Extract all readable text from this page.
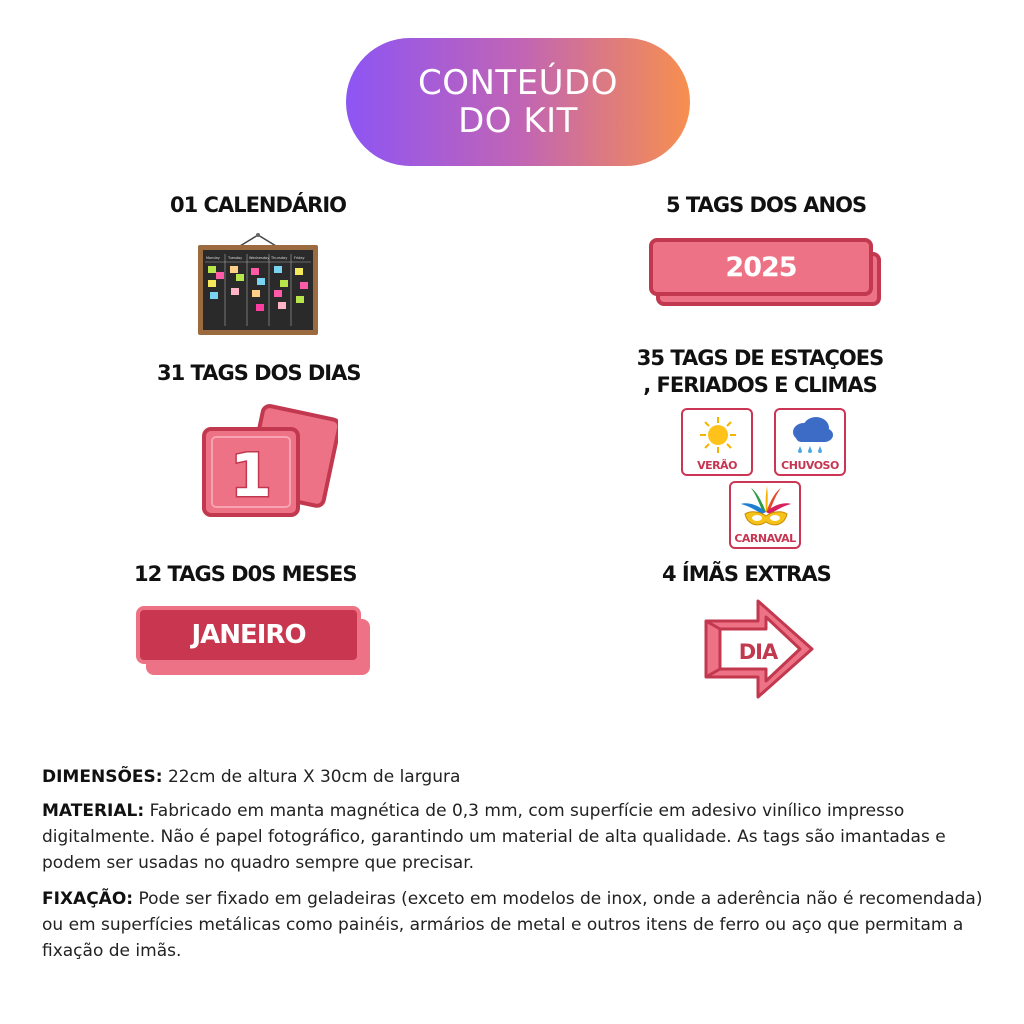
CONTEÚDO
DO KIT
01 CALENDÁRIO
Monday Tuesday Wednesday Thursday Friday
5 TAGS DOS ANOS
2025
31 TAGS DOS DIAS
1
35 TAGS DE ESTAÇOES
, FERIADOS E CLIMAS
VERÃO	CHUVOSO
CARNAVAL
12 TAGS D0S MESES
JANEIRO
4 ÍMÃS EXTRAS
DIA
DIMENSÕES: 22cm de altura X 30cm de largura
MATERIAL: Fabricado em manta magnética de 0,3 mm, com superfície em adesivo vinílico impresso digitalmente. Não é papel fotográfico, garantindo um material de alta qualidade. As tags são imantadas e podem ser usadas no quadro sempre que precisar.
FIXAÇÃO: Pode ser fixado em geladeiras (exceto em modelos de inox, onde a aderência não é recomendada) ou em superfícies metálicas como painéis, armários de metal e outros itens de ferro ou aço que permitam a fixação de imãs.
